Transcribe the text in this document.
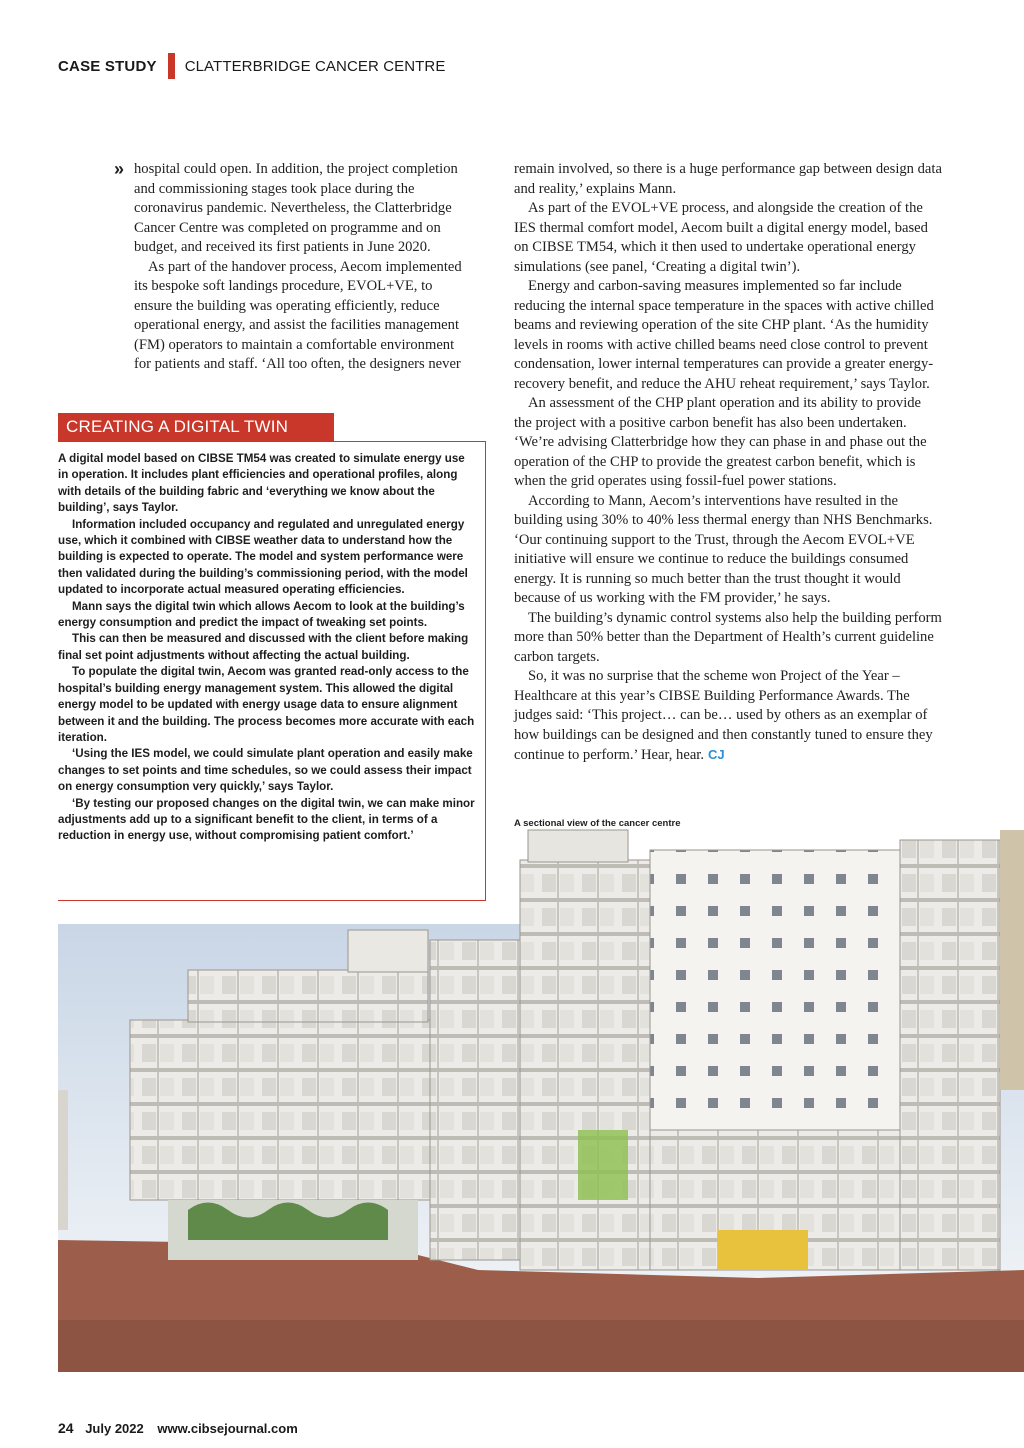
CASE STUDY CLATTERBRIDGE CANCER CENTRE
» hospital could open. In addition, the project completion and commissioning stages took place during the coronavirus pandemic. Nevertheless, the Clatterbridge Cancer Centre was completed on programme and on budget, and received its first patients in June 2020.

As part of the handover process, Aecom implemented its bespoke soft landings procedure, EVOL+VE, to ensure the building was operating efficiently, reduce operational energy, and assist the facilities management (FM) operators to maintain a comfortable environment for patients and staff. ‘All too often, the designers never

remain involved, so there is a huge performance gap between design data and reality,’ explains Mann.

As part of the EVOL+VE process, and alongside the creation of the IES thermal comfort model, Aecom built a digital energy model, based on CIBSE TM54, which it then used to undertake operational energy simulations (see panel, ‘Creating a digital twin’).

Energy and carbon-saving measures implemented so far include reducing the internal space temperature in the spaces with active chilled beams and reviewing operation of the site CHP plant. ‘As the humidity levels in rooms with active chilled beams need close control to prevent condensation, lower internal temperatures can provide a greater energy-recovery benefit, and reduce the AHU reheat requirement,’ says Taylor.

An assessment of the CHP plant operation and its ability to provide the project with a positive carbon benefit has also been undertaken. ‘We’re advising Clatterbridge how they can phase in and phase out the operation of the CHP to provide the greatest carbon benefit, which is when the grid operates using fossil-fuel power stations.

According to Mann, Aecom’s interventions have resulted in the building using 30% to 40% less thermal energy than NHS Benchmarks. ‘Our continuing support to the Trust, through the Aecom EVOL+VE initiative will ensure we continue to reduce the buildings consumed energy. It is running so much better than the trust thought it would because of us working with the FM provider,’ he says.

The building’s dynamic control systems also help the building perform more than 50% better than the Department of Health’s current guideline carbon targets.

So, it was no surprise that the scheme won Project of the Year – Healthcare at this year’s CIBSE Building Performance Awards. The judges said: ‘This project… can be… used by others as an exemplar of how buildings can be designed and then constantly tuned to ensure they continue to perform.’ Hear, hear. CJ

CREATING A DIGITAL TWIN

A digital model based on CIBSE TM54 was created to simulate energy use in operation. It includes plant efficiencies and operational profiles, along with details of the building fabric and ‘everything we know about the building’, says Taylor.

Information included occupancy and regulated and unregulated energy use, which it combined with CIBSE weather data to understand how the building is expected to operate. The model and system performance were then validated during the building’s commissioning period, with the model updated to incorporate actual measured operating efficiencies.

Mann says the digital twin which allows Aecom to look at the building’s energy consumption and predict the impact of tweaking set points.

This can then be measured and discussed with the client before making final set point adjustments without affecting the actual building.

To populate the digital twin, Aecom was granted read-only access to the hospital’s building energy management system. This allowed the digital energy model to be updated with energy usage data to ensure alignment between it and the building. The process becomes more accurate with each iteration.

‘Using the IES model, we could simulate plant operation and easily make changes to set points and time schedules, so we could assess their impact on energy consumption very quickly,’ says Taylor.

‘By testing our proposed changes on the digital twin, we can make minor adjustments add up to a significant benefit to the client, in terms of a reduction in energy use, without compromising patient comfort.’

A sectional view of the cancer centre
24 July 2022 www.cibsejournal.com
